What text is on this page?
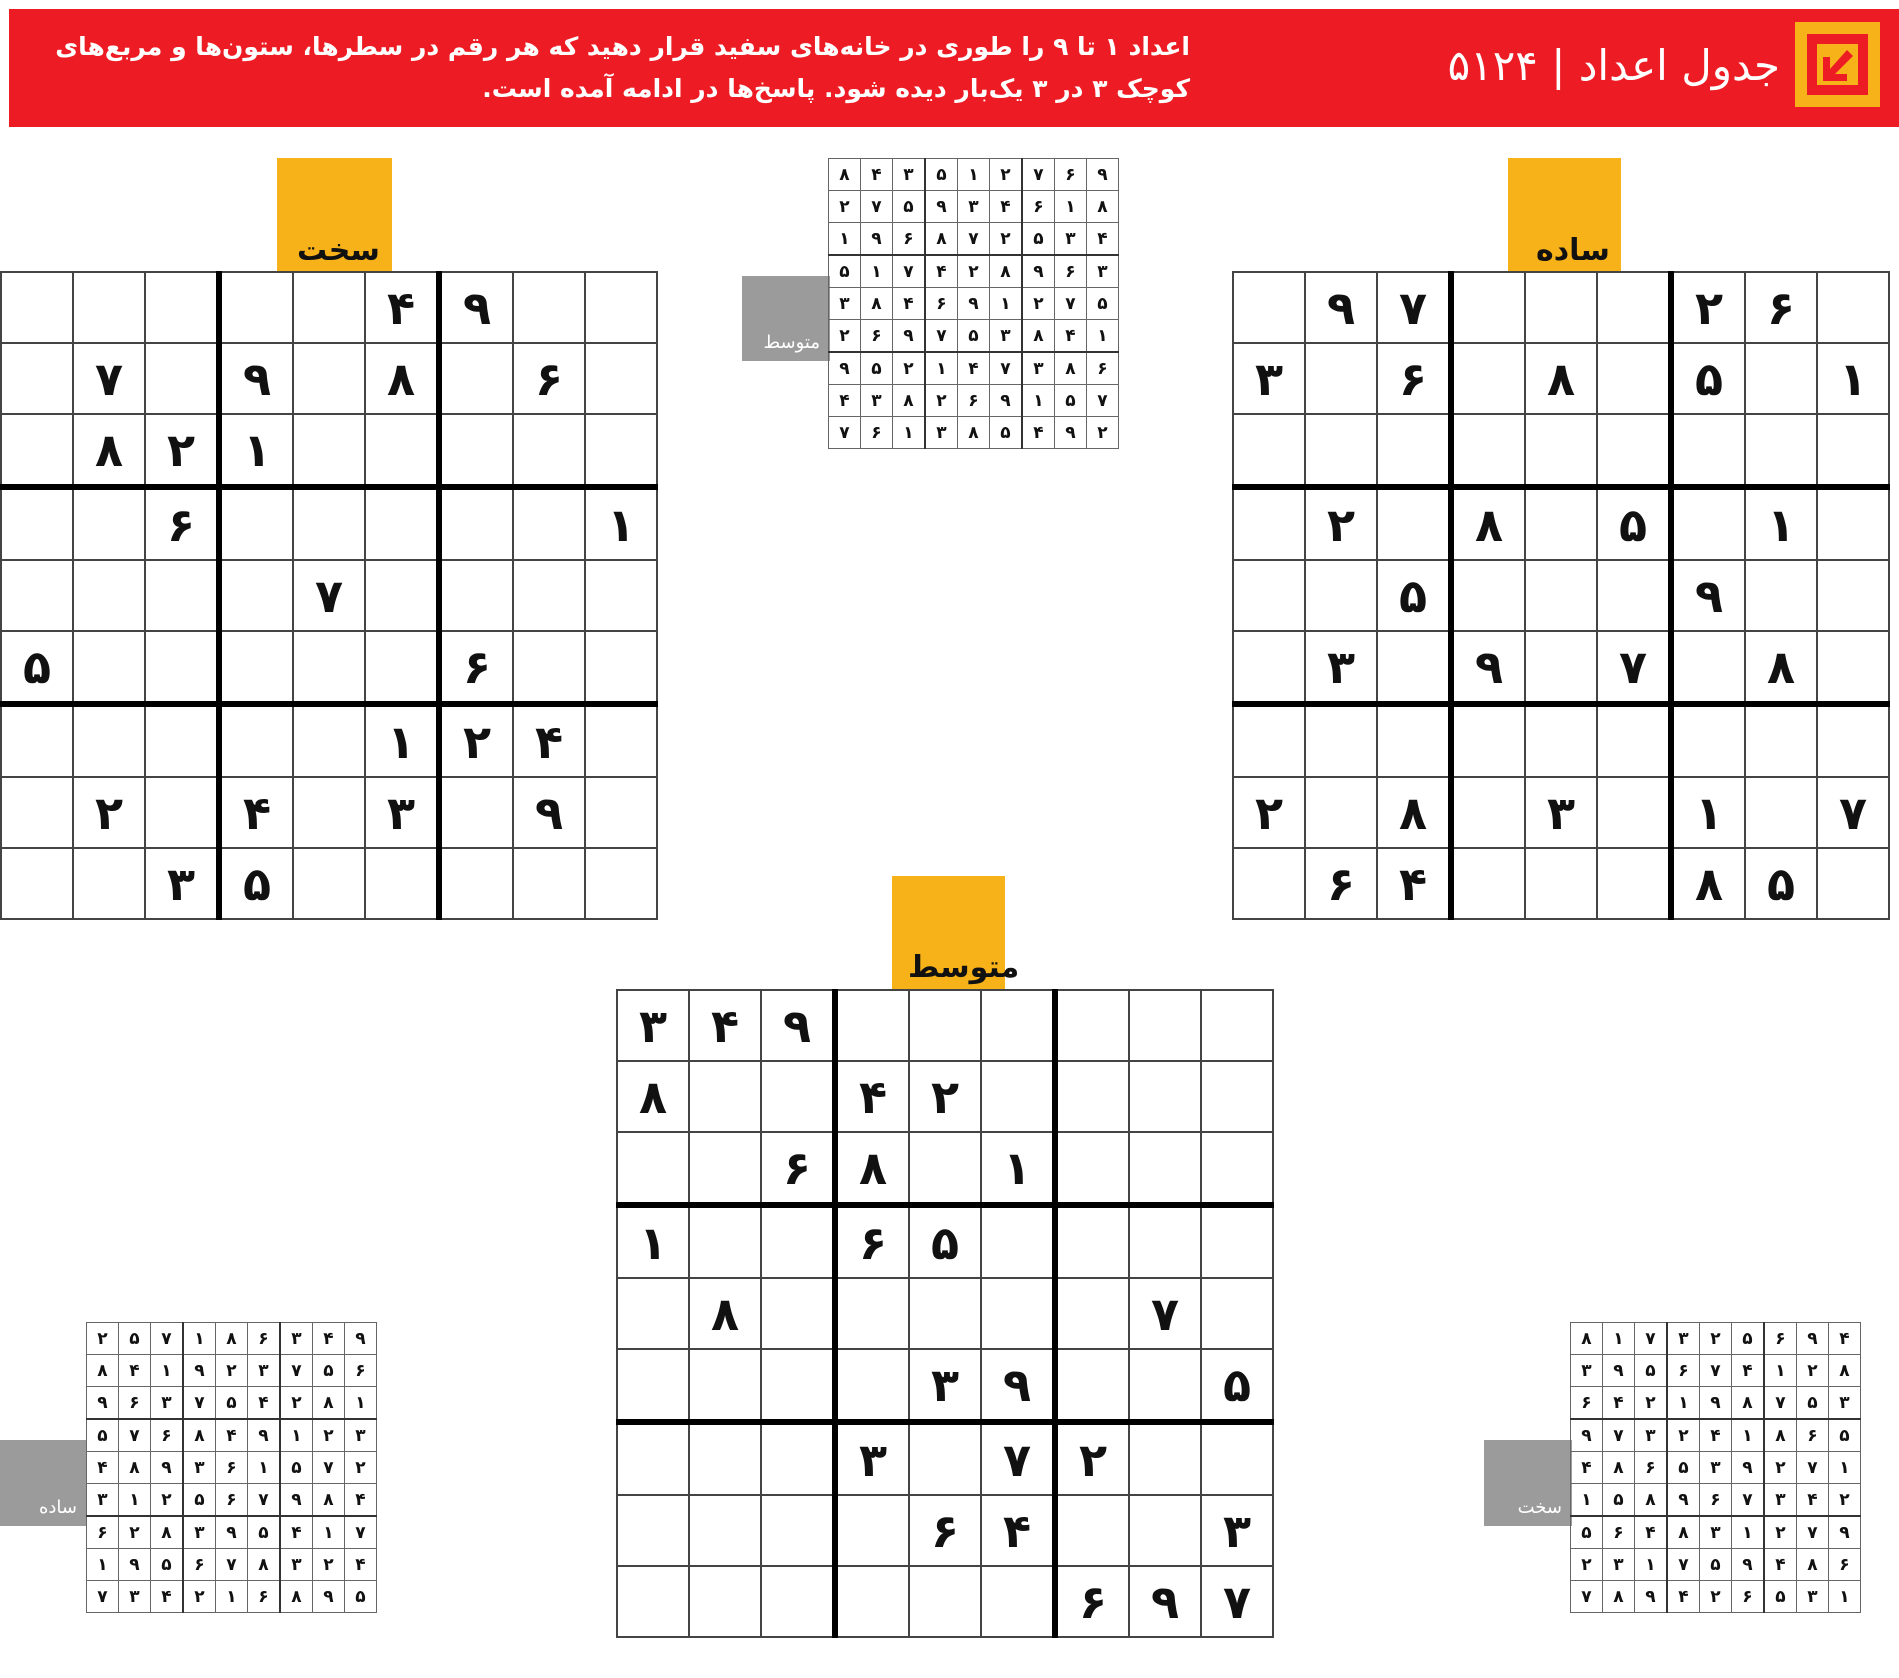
جدول اعداد | ۵۱۲۴
اعداد ۱ تا ۹ را طوری در خانه‌های سفید قرار دهید که هر رقم در سطرها، ستون‌ها و مربع‌های کوچک ۳ در ۳ یک‌بار دیده شود. پاسخ‌ها در ادامه آمده است.
سخت	ساده
متوسط
					۴	۹		
	۷		۹		۸		۶	
	۸	۲	۱					
		۶						۱
				۷				
۵						۶		
					۱	۲	۴	
	۲		۴		۳		۹	
		۳	۵					
	۹	۷				۲	۶	
۳		۶		۸		۵		۱

	۲		۸		۵		۱	
		۵				۹		
	۳		۹		۷		۸	

۲		۸		۳		۱		۷
	۶	۴				۸	۵	
۳	۴	۹						
۸			۴	۲				
		۶	۸		۱			
۱			۶	۵				
	۸						۷	
				۳	۹			۵
			۳		۷	۲		
				۶	۴			۳
						۶	۹	۷
متوسط
۸	۴	۳	۵	۱	۲	۷	۶	۹
۲	۷	۵	۹	۳	۴	۶	۱	۸
۱	۹	۶	۸	۷	۲	۵	۳	۴
۵	۱	۷	۴	۲	۸	۹	۶	۳
۳	۸	۴	۶	۹	۱	۲	۷	۵
۲	۶	۹	۷	۵	۳	۸	۴	۱
۹	۵	۲	۱	۴	۷	۳	۸	۶
۴	۳	۸	۲	۶	۹	۱	۵	۷
۷	۶	۱	۳	۸	۵	۴	۹	۲
ساده
۲	۵	۷	۱	۸	۶	۳	۴	۹
۸	۴	۱	۹	۲	۳	۷	۵	۶
۹	۶	۳	۷	۵	۴	۲	۸	۱
۵	۷	۶	۸	۴	۹	۱	۲	۳
۴	۸	۹	۳	۶	۱	۵	۷	۲
۳	۱	۲	۵	۶	۷	۹	۸	۴
۶	۲	۸	۳	۹	۵	۴	۱	۷
۱	۹	۵	۶	۷	۸	۳	۲	۴
۷	۳	۴	۲	۱	۶	۸	۹	۵
سخت
۸	۱	۷	۳	۲	۵	۶	۹	۴
۳	۹	۵	۶	۷	۴	۱	۲	۸
۶	۴	۲	۱	۹	۸	۷	۵	۳
۹	۷	۳	۲	۴	۱	۸	۶	۵
۴	۸	۶	۵	۳	۹	۲	۷	۱
۱	۵	۸	۹	۶	۷	۳	۴	۲
۵	۶	۴	۸	۳	۱	۲	۷	۹
۲	۳	۱	۷	۵	۹	۴	۸	۶
۷	۸	۹	۴	۲	۶	۵	۳	۱
